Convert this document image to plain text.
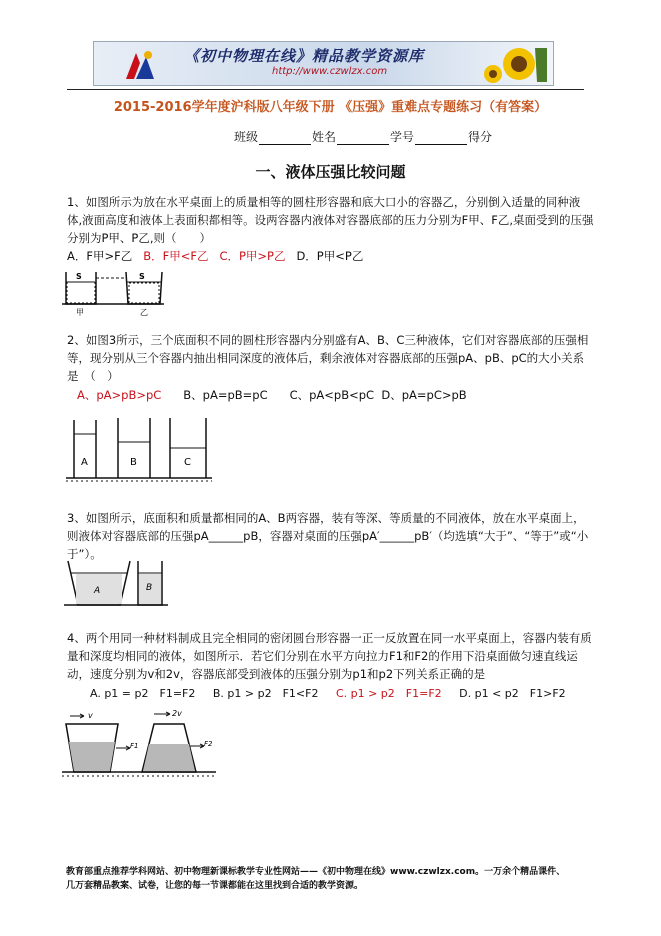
《初中物理在线》精品教学资源库
http://www.czwlzx.com
2015-2016学年度沪科版八年级下册 《压强》重难点专题练习（有答案）
班级	姓名	学号	得分
一、液体压强比较问题
1、如图所示为放在水平桌面上的质量相等的圆柱形容器和底大口小的容器乙，分别倒入适量的同种液体,液面高度和液体上表面积都相等。设两容器内液体对容器底部的压力分别为F甲、F乙,桌面受到的压强分别为P甲、P乙,则（　　）
A．F甲>F乙 B．F甲<F乙 C．P甲>P乙 D．P甲<P乙
S	S
甲	乙
2、如图3所示，三个底面积不同的圆柱形容器内分别盛有A、B、C三种液体，它们对容器底部的压强相等，现分别从三个容器内抽出相同深度的液体后，剩余液体对容器底部的压强pA、pB、pC的大小关系是　（　）
A、pA>pB>pC B、pA=pB=pC C、pA<pB<pC D、pA=pC>pB
A	B	C
3、如图所示，底面积和质量都相同的A、B两容器，装有等深、等质量的不同液体，放在水平桌面上，则液体对容器底部的压强pA______pB，容器对桌面的压强pA′______pB′（均选填“大于”、“等于”或“小于”）。
A	B
4、两个用同一种材料制成且完全相同的密闭圆台形容器一正一反放置在同一水平桌面上，容器内装有质量和深度均相同的液体，如图所示．若它们分别在水平方向拉力F1和F2的作用下沿桌面做匀速直线运动，速度分别为v和2v，容器底部受到液体的压强分别为p1和p2下列关系正确的是
A. p1 = p2　F1=F2 B. p1 > p2　F1<F2 C. p1 > p2　F1=F2 D. p1 < p2　F1>F2
v
F1
2v
F2
教育部重点推荐学科网站、初中物理新课标教学专业性网站——《初中物理在线》www.czwlzx.com。一万余个精品课件、
几万套精品教案、试卷，让您的每一节课都能在这里找到合适的教学资源。
